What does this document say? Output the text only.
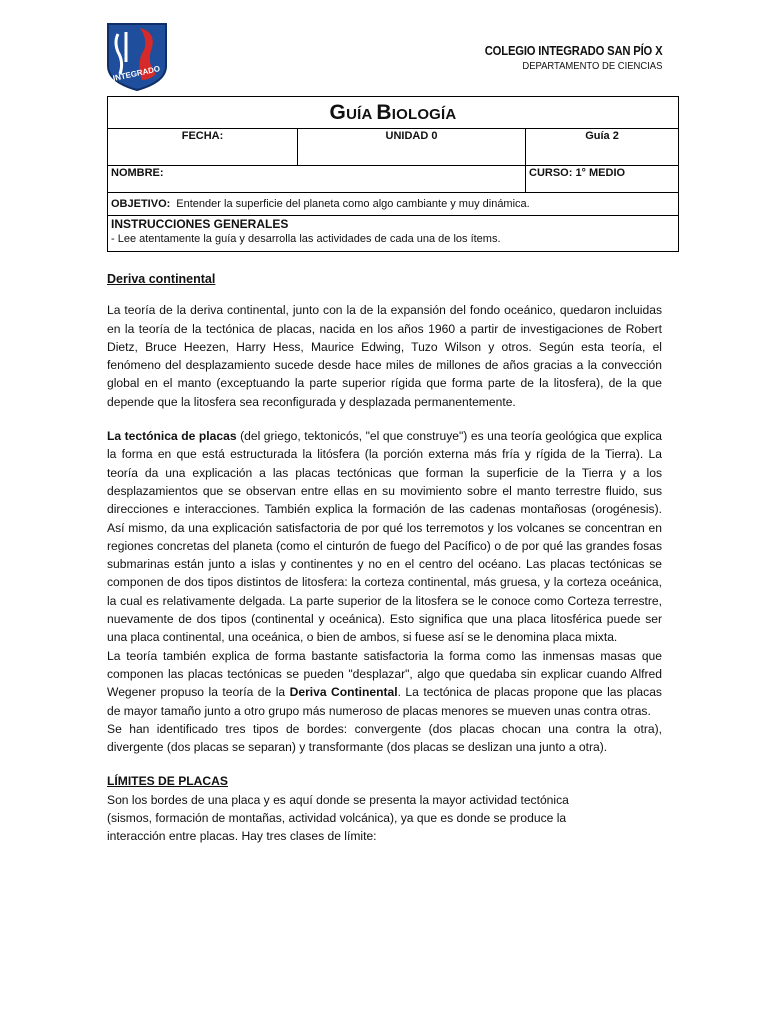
INTEGRADO
COLEGIO INTEGRADO SAN PÍO X
DEPARTAMENTO DE CIENCIAS
GUÍA BIOLOGÍA
FECHA:	UNIDAD 0	Guía 2
NOMBRE:	CURSO: 1° MEDIO
OBJETIVO: Entender la superficie del planeta como algo cambiante y muy dinámica.
INSTRUCCIONES GENERALES
- Lee atentamente la guía y desarrolla las actividades de cada una de los ítems.

Deriva continental

La teoría de la deriva continental, junto con la de la expansión del fondo oceánico, quedaron incluidas en la teoría de la tectónica de placas, nacida en los años 1960 a partir de investigaciones de Robert Dietz, Bruce Heezen, Harry Hess, Maurice Edwing, Tuzo Wilson y otros. Según esta teoría, el fenómeno del desplazamiento sucede desde hace miles de millones de años gracias a la convección global en el manto (exceptuando la parte superior rígida que forma parte de la litosfera), de la que depende que la litosfera sea reconfigurada y desplazada permanentemente.

La tectónica de placas (del griego, tektonicós, "el que construye") es una teoría geológica que explica la forma en que está estructurada la litósfera (la porción externa más fría y rígida de la Tierra). La teoría da una explicación a las placas tectónicas que forman la superficie de la Tierra y a los desplazamientos que se observan entre ellas en su movimiento sobre el manto terrestre fluido, sus direcciones e interacciones. También explica la formación de las cadenas montañosas (orogénesis). Así mismo, da una explicación satisfactoria de por qué los terremotos y los volcanes se concentran en regiones concretas del planeta (como el cinturón de fuego del Pacífico) o de por qué las grandes fosas submarinas están junto a islas y continentes y no en el centro del océano. Las placas tectónicas se componen de dos tipos distintos de litosfera: la corteza continental, más gruesa, y la corteza oceánica, la cual es relativamente delgada. La parte superior de la litosfera se le conoce como Corteza terrestre, nuevamente de dos tipos (continental y oceánica). Esto significa que una placa litosférica puede ser una placa continental, una oceánica, o bien de ambos, si fuese así se le denomina placa mixta.

La teoría también explica de forma bastante satisfactoria la forma como las inmensas masas que componen las placas tectónicas se pueden "desplazar", algo que quedaba sin explicar cuando Alfred Wegener propuso la teoría de la Deriva Continental. La tectónica de placas propone que las placas de mayor tamaño junto a otro grupo más numeroso de placas menores se mueven unas contra otras.

Se han identificado tres tipos de bordes: convergente (dos placas chocan una contra la otra), divergente (dos placas se separan) y transformante (dos placas se deslizan una junto a otra).

LÍMITES DE PLACAS

Son los bordes de una placa y es aquí donde se presenta la mayor actividad tectónica
(sismos, formación de montañas, actividad volcánica), ya que es donde se produce la
interacción entre placas. Hay tres clases de límite:
